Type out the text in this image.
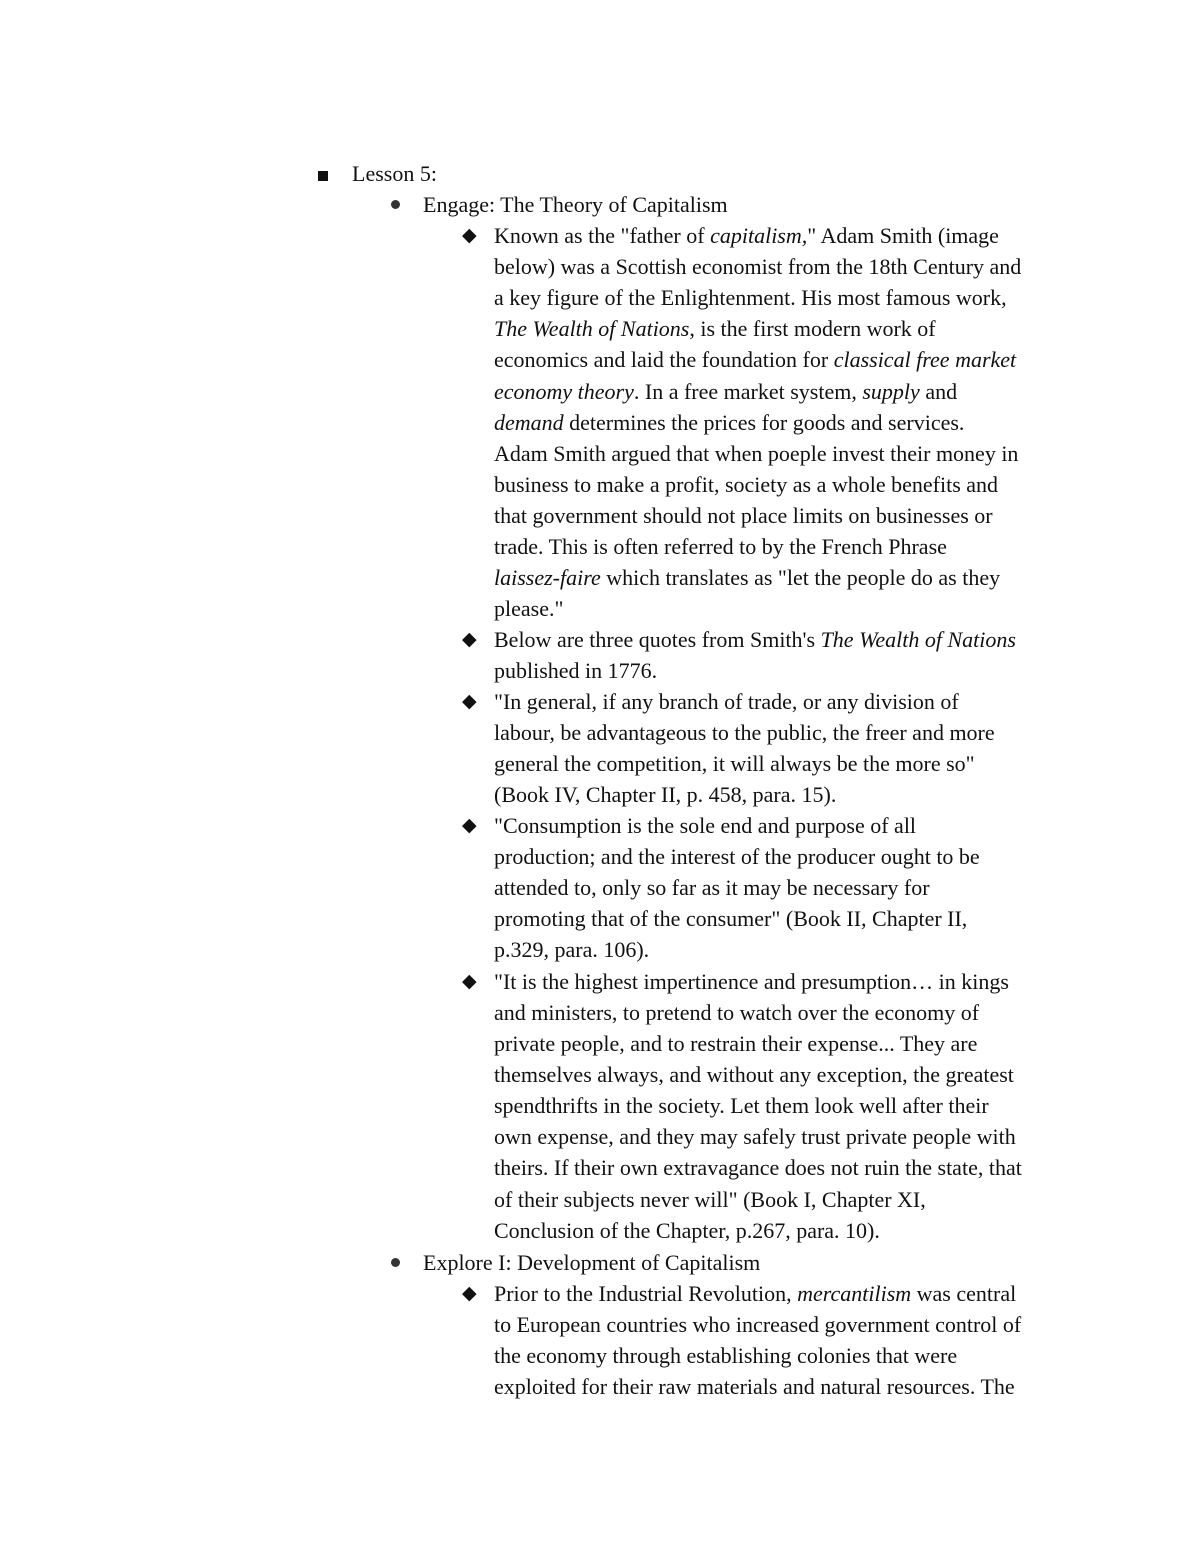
Lesson 5:
Engage: The Theory of Capitalism
◆ Known as the "father of capitalism," Adam Smith (image
below) was a Scottish economist from the 18th Century and
a key figure of the Enlightenment. His most famous work,
The Wealth of Nations, is the first modern work of
economics and laid the foundation for classical free market
economy theory. In a free market system, supply and
demand determines the prices for goods and services.
Adam Smith argued that when poeple invest their money in
business to make a profit, society as a whole benefits and
that government should not place limits on businesses or
trade. This is often referred to by the French Phrase
laissez-faire which translates as "let the people do as they
please."
◆ Below are three quotes from Smith's The Wealth of Nations
published in 1776.
◆ "In general, if any branch of trade, or any division of
labour, be advantageous to the public, the freer and more
general the competition, it will always be the more so"
(Book IV, Chapter II, p. 458, para. 15).
◆ "Consumption is the sole end and purpose of all
production; and the interest of the producer ought to be
attended to, only so far as it may be necessary for
promoting that of the consumer" (Book II, Chapter II,
p.329, para. 106).
◆ "It is the highest impertinence and presumption… in kings
and ministers, to pretend to watch over the economy of
private people, and to restrain their expense... They are
themselves always, and without any exception, the greatest
spendthrifts in the society. Let them look well after their
own expense, and they may safely trust private people with
theirs. If their own extravagance does not ruin the state, that
of their subjects never will" (Book I, Chapter XI,
Conclusion of the Chapter, p.267, para. 10).
Explore I: Development of Capitalism
◆ Prior to the Industrial Revolution, mercantilism was central
to European countries who increased government control of
the economy through establishing colonies that were
exploited for their raw materials and natural resources. The
